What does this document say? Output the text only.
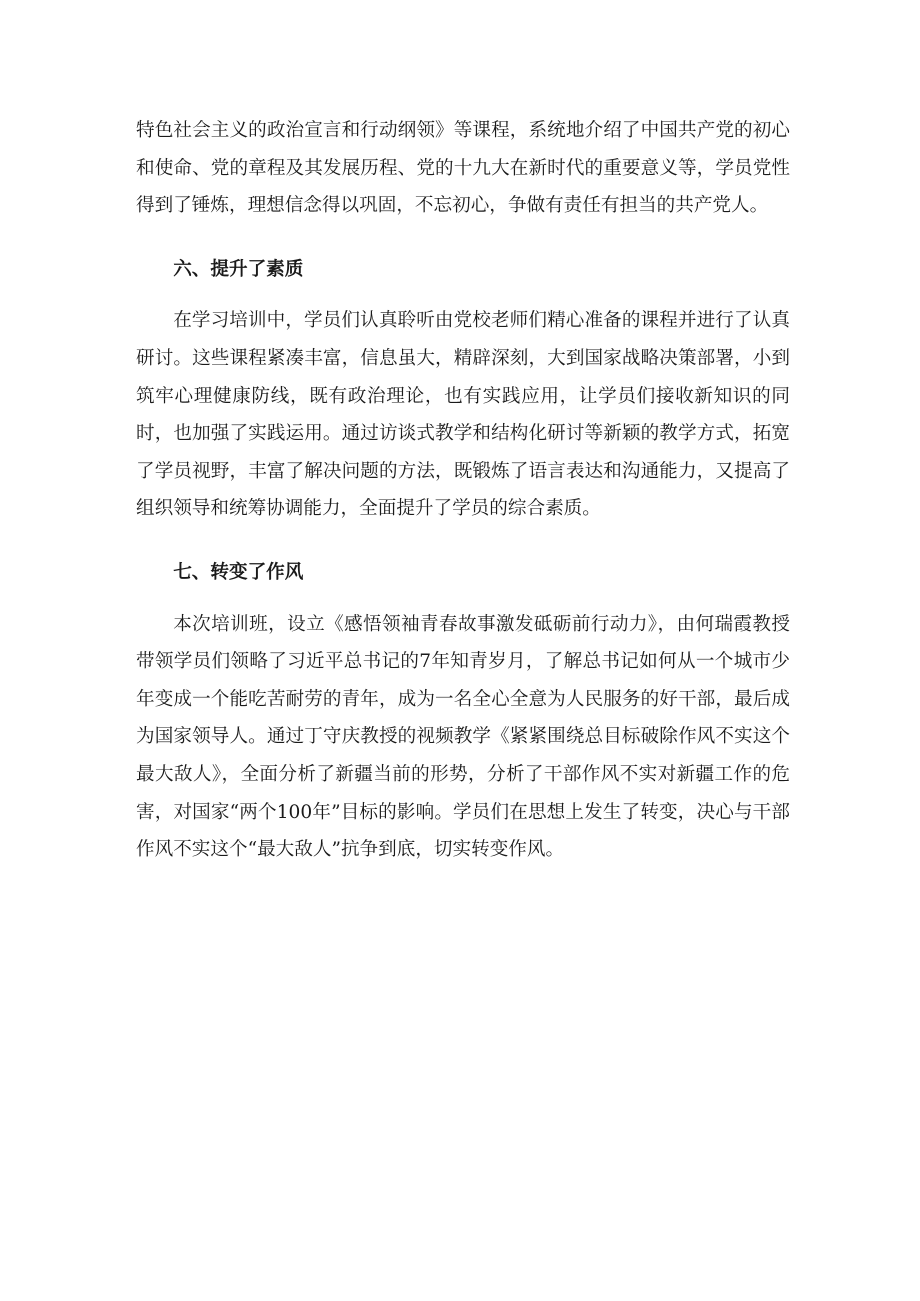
特色社会主义的政治宣言和行动纲领》等课程，系统地介绍了中国共产党的初心和使命、党的章程及其发展历程、党的十九大在新时代的重要意义等，学员党性得到了锤炼，理想信念得以巩固，不忘初心，争做有责任有担当的共产党人。

六、提升了素质

在学习培训中，学员们认真聆听由党校老师们精心准备的课程并进行了认真研讨。这些课程紧凑丰富，信息虽大，精辟深刻，大到国家战略决策部署，小到筑牢心理健康防线，既有政治理论，也有实践应用，让学员们接收新知识的同时，也加强了实践运用。通过访谈式教学和结构化研讨等新颖的教学方式，拓宽了学员视野，丰富了解决问题的方法，既锻炼了语言表达和沟通能力，又提高了组织领导和统筹协调能力，全面提升了学员的综合素质。

七、转变了作风

本次培训班，设立《感悟领袖青春故事激发砥砺前行动力》，由何瑞霞教授带领学员们领略了习近平总书记的7年知青岁月，了解总书记如何从一个城市少年变成一个能吃苦耐劳的青年，成为一名全心全意为人民服务的好干部，最后成为国家领导人。通过丁守庆教授的视频教学《紧紧围绕总目标破除作风不实这个最大敌人》，全面分析了新疆当前的形势，分析了干部作风不实对新疆工作的危害，对国家“两个100年”目标的影响。学员们在思想上发生了转变，决心与干部作风不实这个“最大敌人”抗争到底，切实转变作风。
